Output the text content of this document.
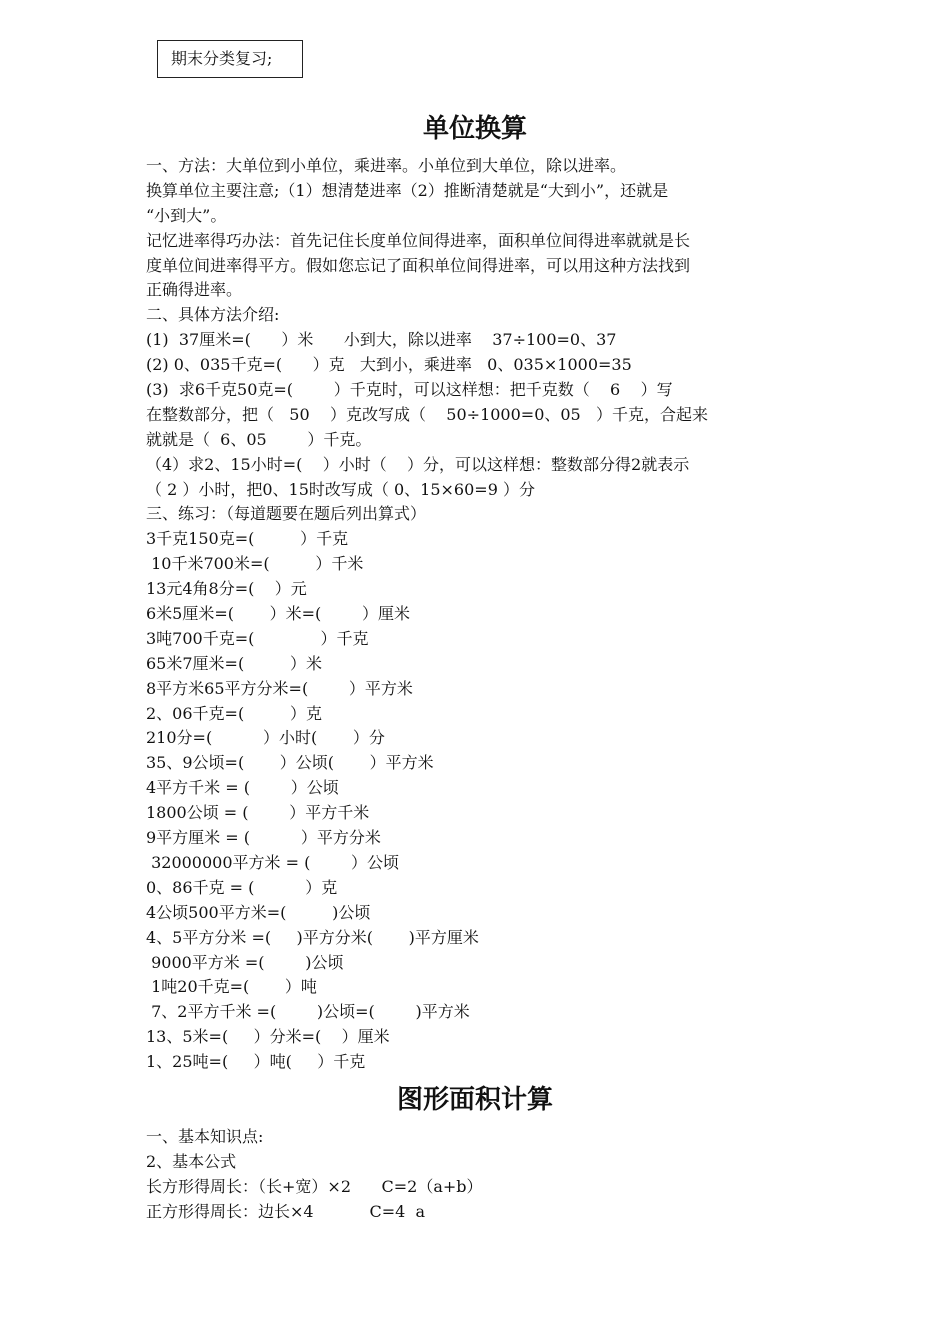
期末分类复习;
单位换算
一、方法：大单位到小单位，乘进率。小单位到大单位，除以进率。
换算单位主要注意;（1）想清楚进率（2）推断清楚就是“大到小”，还就是
“小到大”。
记忆进率得巧办法：首先记住长度单位间得进率，面积单位间得进率就就是长
度单位间进率得平方。假如您忘记了面积单位间得进率，可以用这种方法找到
正确得进率。
二、具体方法介绍:
(1)  37厘米=(      ）米      小到大，除以进率    37÷100=0、37
(2) 0、035千克=(      ）克   大到小，乘进率   0、035×1000=35
(3)  求6千克50克=(        ）千克时，可以这样想：把千克数（    6    ）写
在整数部分，把（   50    ）克改写成（    50÷1000=0、05   ）千克，合起来
就就是（  6、05        ）千克。
（4）求2、15小时=(    ）小时（    ）分，可以这样想：整数部分得2就表示
（ 2 ）小时，把0、15时改写成（ 0、15×60=9 ）分
三、练习：（每道题要在题后列出算式）
3千克150克=(         ）千克
10千米700米=(         ）千米
13元4角8分=(    ）元
6米5厘米=(       ）米=(        ）厘米
3吨700千克=(             ）千克
65米7厘米=(         ）米
8平方米65平方分米=(        ）平方米
2、06千克=(         ）克
210分=(          ）小时(       ）分
35、9公顷=(       ）公顷(       ）平方米
4平方千米 = (        ）公顷
1800公顷 = (        ）平方千米
9平方厘米 = (          ）平方分米
32000000平方米 = (        ）公顷
0、86千克 = (          ）克
4公顷500平方米=(         )公顷
4、5平方分米 =(     )平方分米(       )平方厘米
9000平方米 =(        )公顷
1吨20千克=(       ）吨
7、2平方千米 =(        )公顷=(        )平方米
13、5米=(     ）分米=(    ）厘米
1、25吨=(     ）吨(     ）千克
图形面积计算
一、基本知识点:
2、基本公式
长方形得周长：（长+宽）×2      C=2（a+b）
正方形得周长：边长×4           C=4  a
